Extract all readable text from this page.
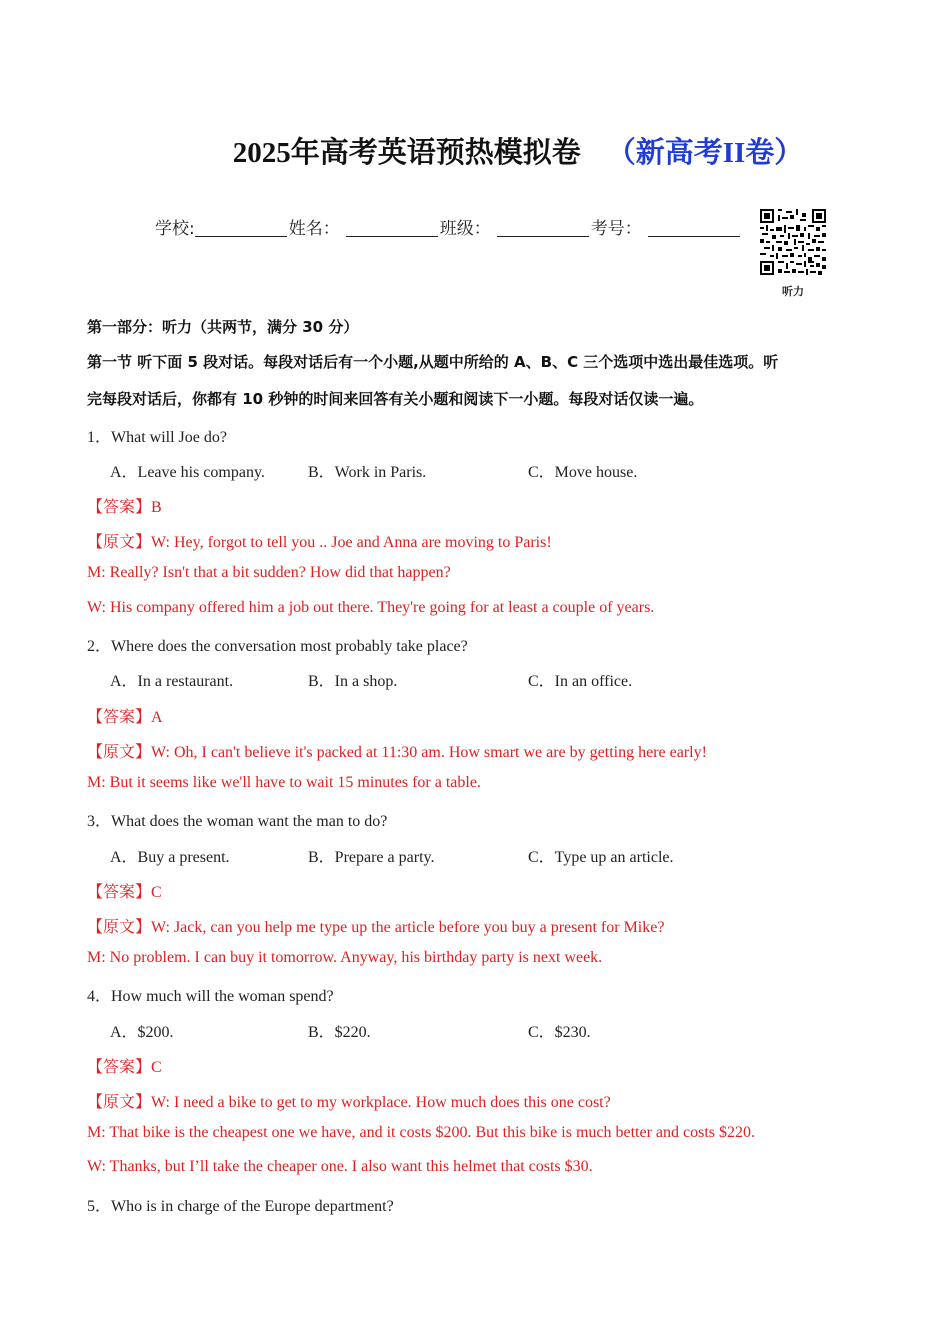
2025年高考英语预热模拟卷 （新高考II卷）
学校:	姓名：	班级：	考号：
听力
第一部分：听力（共两节，满分 30 分）
第一节 听下面 5 段对话。每段对话后有一个小题,从题中所给的 A、B、C 三个选项中选出最佳选项。听
完每段对话后，你都有 10 秒钟的时间来回答有关小题和阅读下一小题。每段对话仅读一遍。
1．What will Joe do?
A．Leave his company.	B．Work in Paris.	C．Move house.
【答案】B
【原文】W: Hey, forgot to tell you .. Joe and Anna are moving to Paris!
M: Really? Isn't that a bit sudden? How did that happen?
W: His company offered him a job out there. They're going for at least a couple of years.
2．Where does the conversation most probably take place?
A．In a restaurant.	B．In a shop.	C．In an office.
【答案】A
【原文】W: Oh, I can't believe it's packed at 11:30 am. How smart we are by getting here early!
M: But it seems like we'll have to wait 15 minutes for a table.
3．What does the woman want the man to do?
A．Buy a present.	B．Prepare a party.	C．Type up an article.
【答案】C
【原文】W: Jack, can you help me type up the article before you buy a present for Mike?
M: No problem. I can buy it tomorrow. Anyway, his birthday party is next week.
4．How much will the woman spend?
A．$200.	B．$220.	C．$230.
【答案】C
【原文】W: I need a bike to get to my workplace. How much does this one cost?
M: That bike is the cheapest one we have, and it costs $200. But this bike is much better and costs $220.
W: Thanks, but I’ll take the cheaper one. I also want this helmet that costs $30.
5．Who is in charge of the Europe department?
